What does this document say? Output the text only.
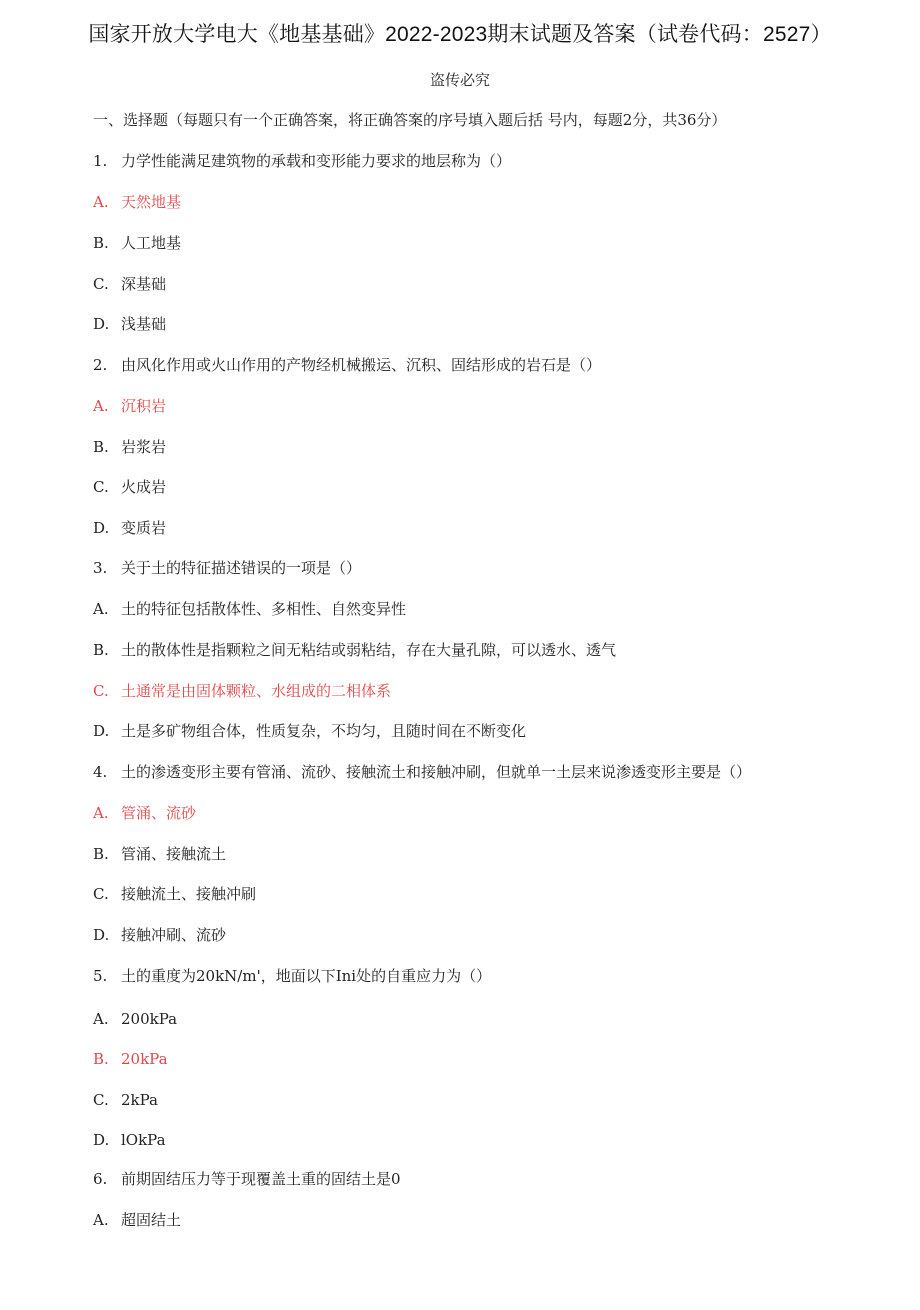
国家开放大学电大《地基基础》2022-2023期末试题及答案（试卷代码：2527）
盗传必究
一、选择题（每题只有一个正确答案，将正确答案的序号填入题后括 号内，每题2分，共36分）
1. 力学性能满足建筑物的承载和变形能力要求的地层称为（）
A. 天然地基
B. 人工地基
C. 深基础
D. 浅基础
2. 由风化作用或火山作用的产物经机械搬运、沉积、固结形成的岩石是（）
A. 沉积岩
B. 岩浆岩
C. 火成岩
D. 变质岩
3. 关于土的特征描述错误的一项是（）
A. 土的特征包括散体性、多相性、自然变异性
B. 土的散体性是指颗粒之间无粘结或弱粘结，存在大量孔隙，可以透水、透气
C. 土通常是由固体颗粒、水组成的二相体系
D. 土是多矿物组合体，性质复杂，不均匀，且随时间在不断变化
4. 土的渗透变形主要有管涌、流砂、接触流土和接触冲刷，但就单一土层来说渗透变形主要是（）
A. 管涌、流砂
B. 管涌、接触流土
C. 接触流土、接触冲刷
D. 接触冲刷、流砂
5. 土的重度为20kN/m'，地面以下Ini处的自重应力为（）
A. 200kPa
B. 20kPa
C. 2kPa
D. lOkPa
6. 前期固结压力等于现覆盖土重的固结土是0
A. 超固结土
